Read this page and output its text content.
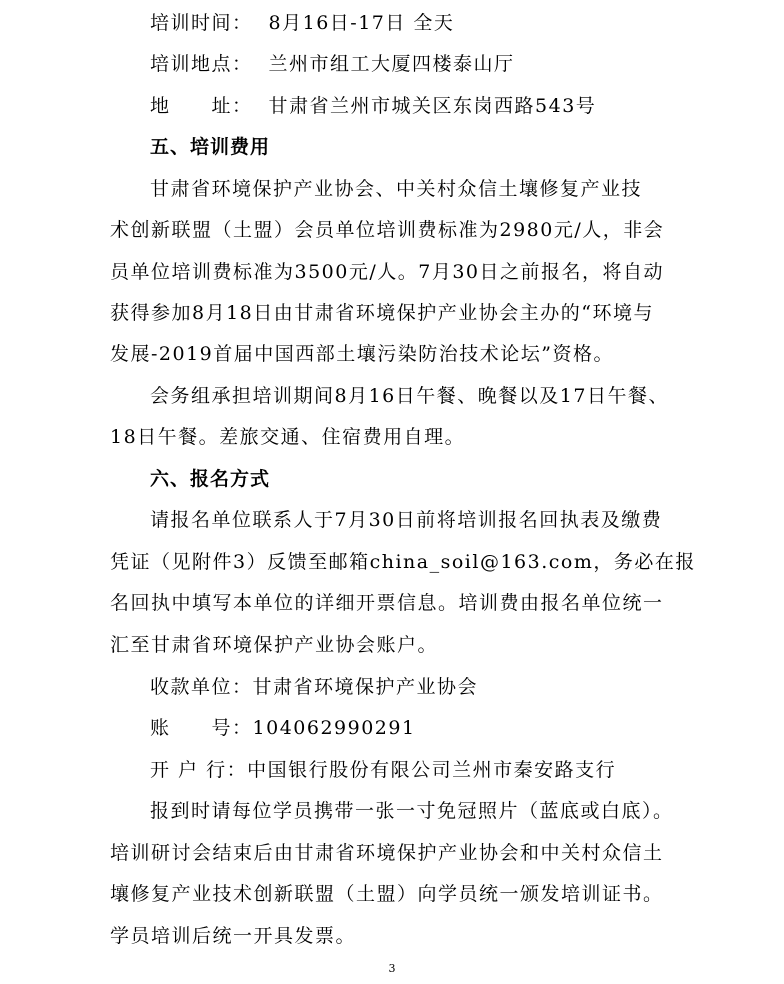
培训时间： 8月16日-17日 全天
培训地点： 兰州市组工大厦四楼泰山厅
地　　址： 甘肃省兰州市城关区东岗西路543号
五、培训费用
甘肃省环境保护产业协会、中关村众信土壤修复产业技
术创新联盟（土盟）会员单位培训费标准为2980元/人，非会
员单位培训费标准为3500元/人。7月30日之前报名，将自动
获得参加8月18日由甘肃省环境保护产业协会主办的“环境与
发展-2019首届中国西部土壤污染防治技术论坛”资格。
会务组承担培训期间8月16日午餐、晚餐以及17日午餐、
18日午餐。差旅交通、住宿费用自理。
六、报名方式
请报名单位联系人于7月30日前将培训报名回执表及缴费
凭证（见附件3）反馈至邮箱china_soil@163.com，务必在报
名回执中填写本单位的详细开票信息。培训费由报名单位统一
汇至甘肃省环境保护产业协会账户。
收款单位：甘肃省环境保护产业协会
账　　号：104062990291
开 户 行：中国银行股份有限公司兰州市秦安路支行
报到时请每位学员携带一张一寸免冠照片（蓝底或白底）。
培训研讨会结束后由甘肃省环境保护产业协会和中关村众信土
壤修复产业技术创新联盟（土盟）向学员统一颁发培训证书。
学员培训后统一开具发票。
3
